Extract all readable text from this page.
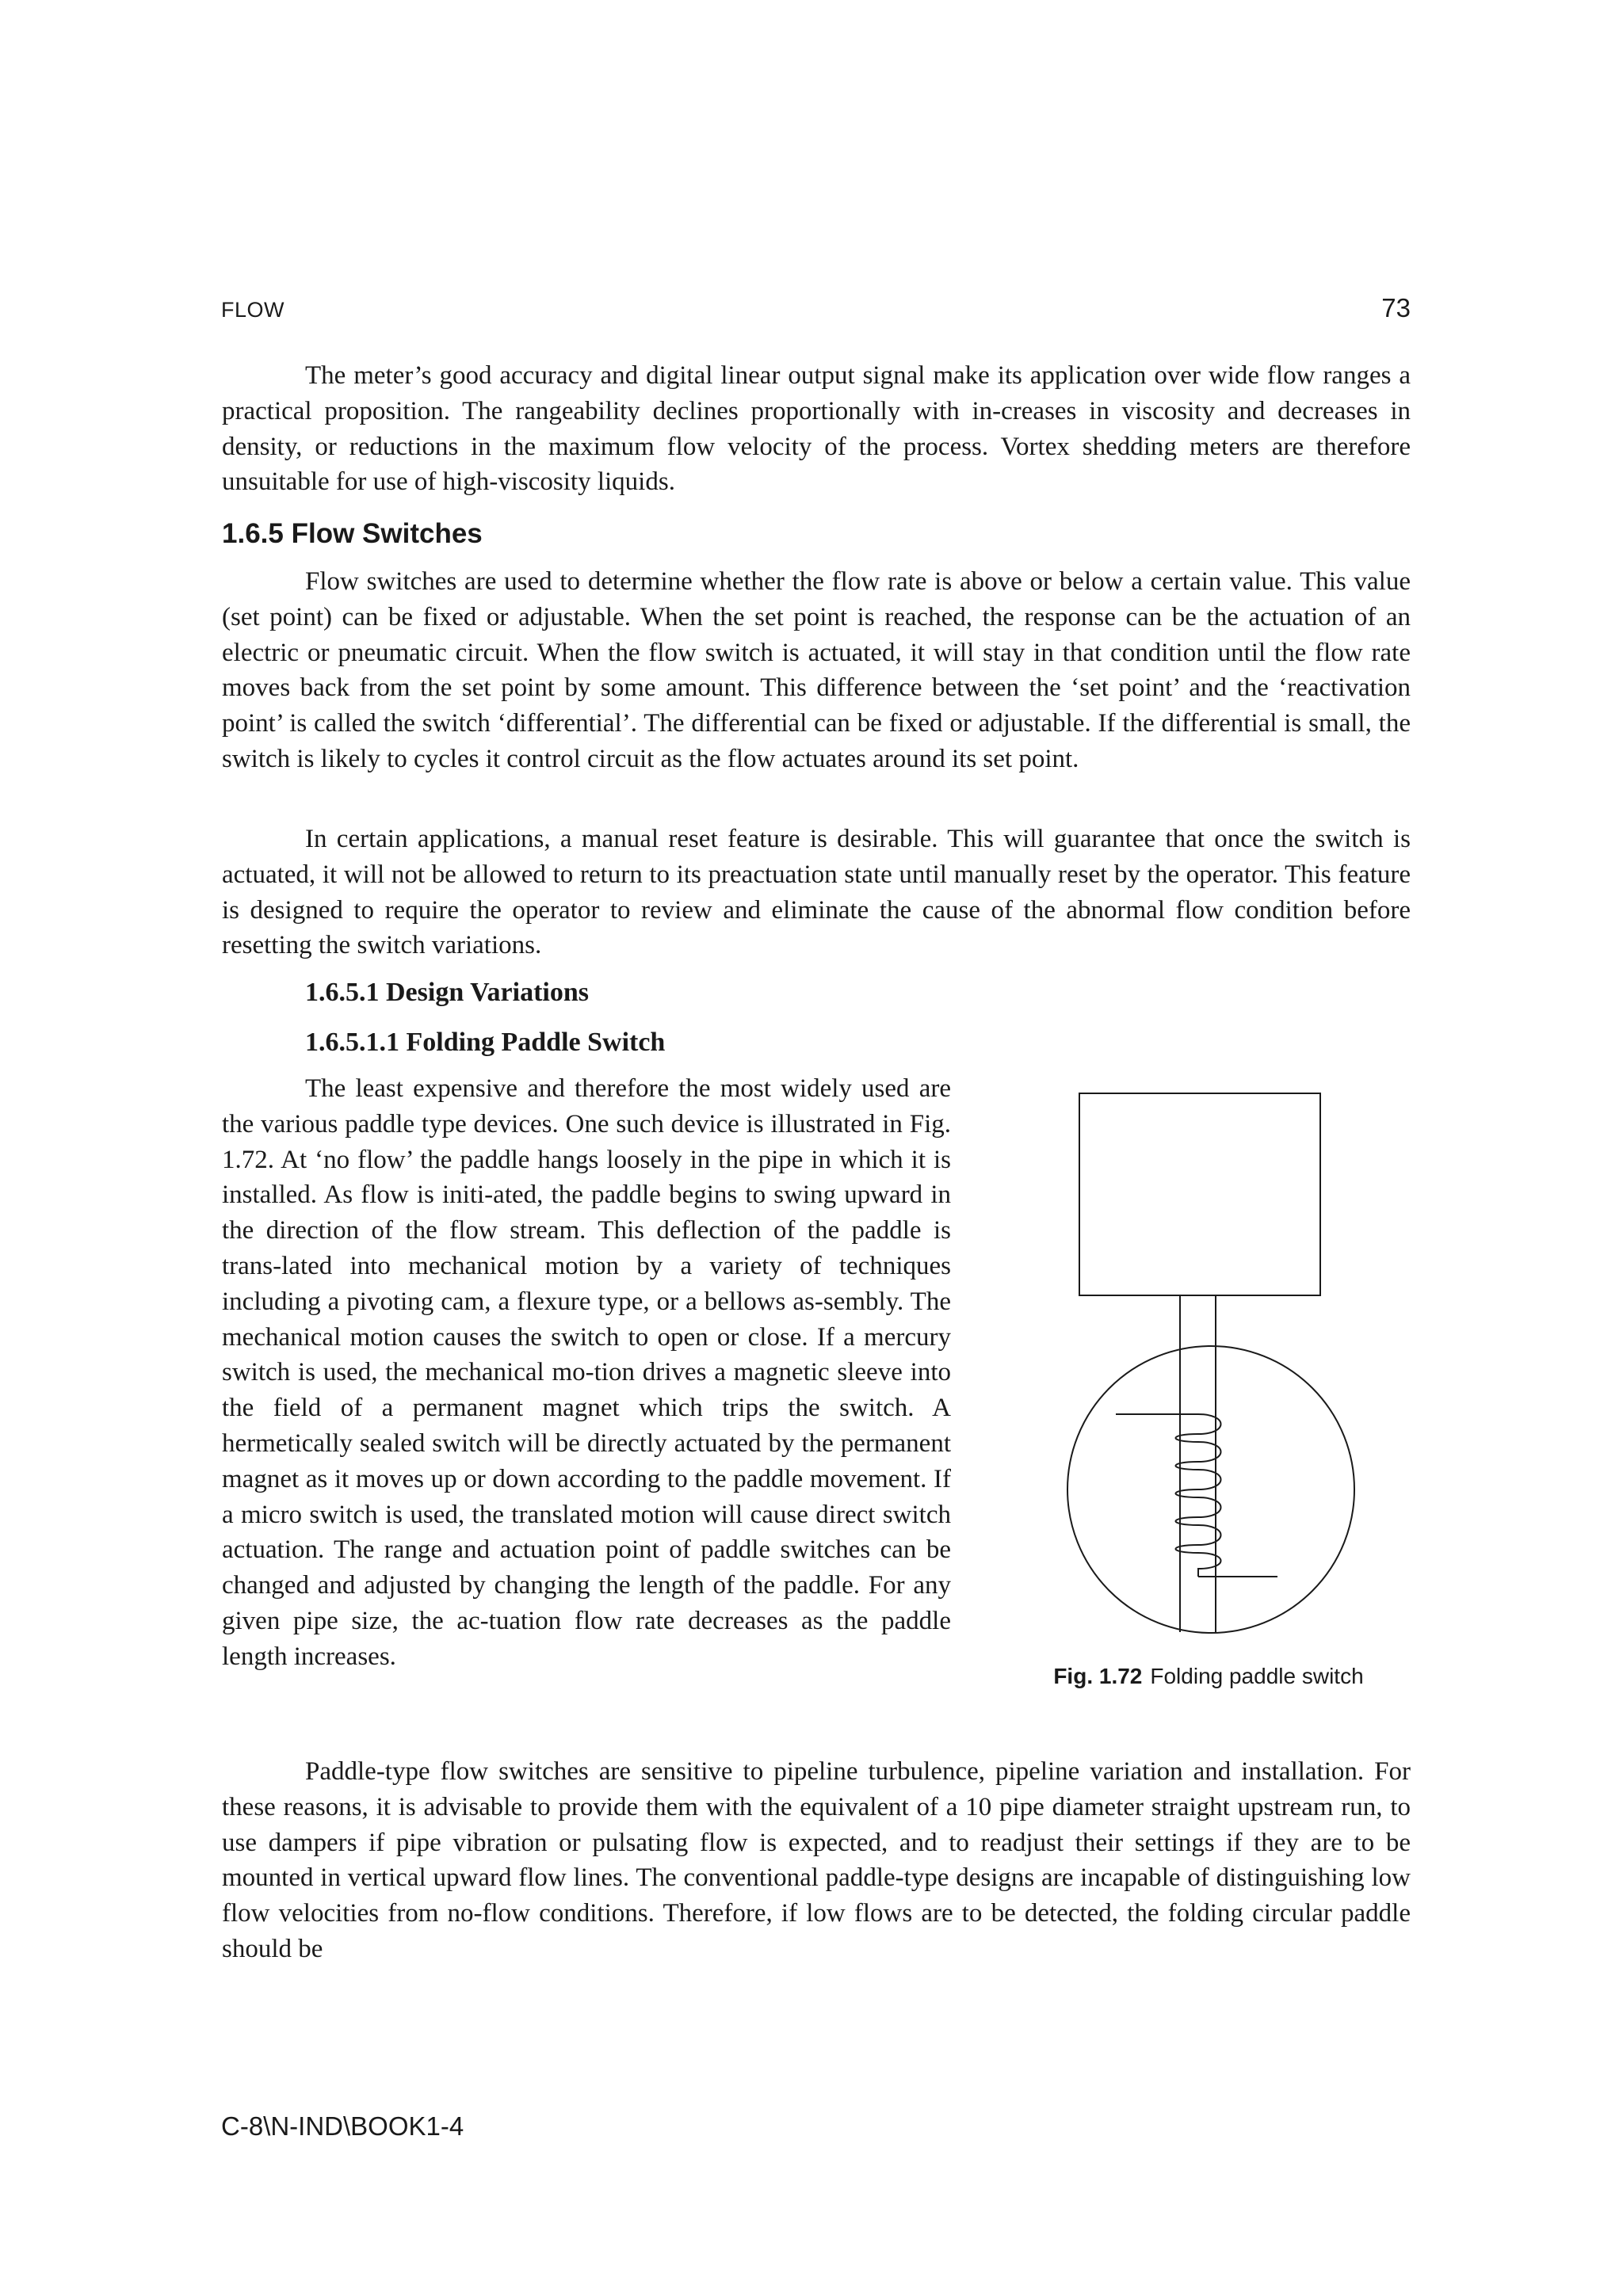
FLOW	73

The meter’s good accuracy and digital linear output signal make its application over wide flow ranges a practical proposition. The rangeability declines proportionally with in-creases in viscosity and decreases in density, or reductions in the maximum flow velocity of the process. Vortex shedding meters are therefore unsuitable for use of high-viscosity liquids.

1.6.5 Flow Switches

Flow switches are used to determine whether the flow rate is above or below a certain value. This value (set point) can be fixed or adjustable. When the set point is reached, the response can be the actuation of an electric or pneumatic circuit. When the flow switch is actuated, it will stay in that condition until the flow rate moves back from the set point by some amount. This difference between the ‘set point’ and the ‘reactivation point’ is called the switch ‘differential’. The differential can be fixed or adjustable. If the differential is small, the switch is likely to cycles it control circuit as the flow actuates around its set point.

In certain applications, a manual reset feature is desirable. This will guarantee that once the switch is actuated, it will not be allowed to return to its preactuation state until manually reset by the operator. This feature is designed to require the operator to review and eliminate the cause of the abnormal flow condition before resetting the switch variations.

1.6.5.1 Design Variations
1.6.5.1.1 Folding Paddle Switch

The least expensive and therefore the most widely used are the various paddle type devices. One such device is illustrated in Fig. 1.72. At ‘no flow’ the paddle hangs loosely in the pipe in which it is installed. As flow is initi-ated, the paddle begins to swing upward in the direction of the flow stream. This deflection of the paddle is trans-lated into mechanical motion by a variety of techniques including a pivoting cam, a flexure type, or a bellows as-sembly. The mechanical motion causes the switch to open or close. If a mercury switch is used, the mechanical mo-tion drives a magnetic sleeve into the field of a permanent magnet which trips the switch. A hermetically sealed switch will be directly actuated by the permanent magnet as it moves up or down according to the paddle movement. If a micro switch is used, the translated motion will cause direct switch actuation. The range and actuation point of paddle switches can be changed and adjusted by changing the length of the paddle. For any given pipe size, the ac-tuation flow rate decreases as the paddle length increases.

Fig. 1.72 Folding paddle switch

Paddle-type flow switches are sensitive to pipeline turbulence, pipeline variation and installation. For these reasons, it is advisable to provide them with the equivalent of a 10 pipe diameter straight upstream run, to use dampers if pipe vibration or pulsating flow is expected, and to readjust their settings if they are to be mounted in vertical upward flow lines. The conventional paddle-type designs are incapable of distinguishing low flow velocities from no-flow conditions. Therefore, if low flows are to be detected, the folding circular paddle should be

C-8\N-IND\BOOK1-4
